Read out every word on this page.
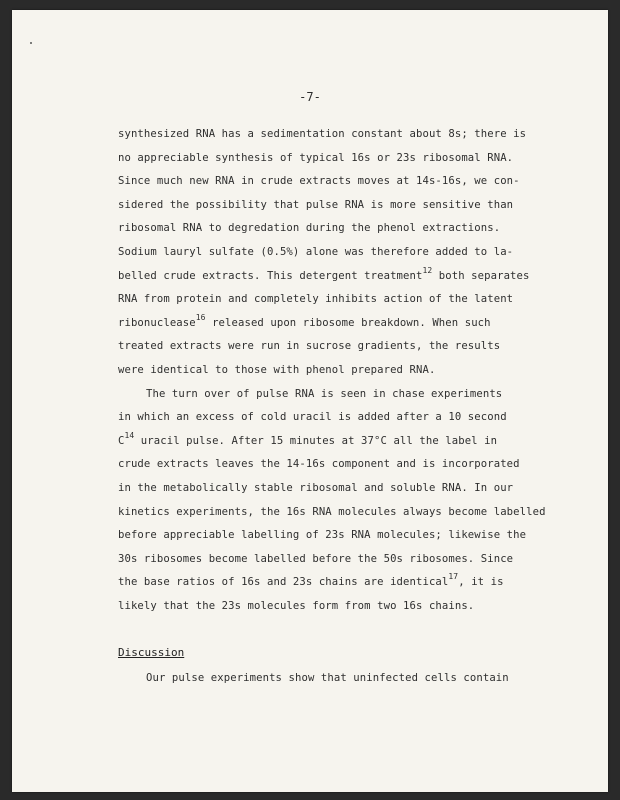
-7-
synthesized RNA has a sedimentation constant about 8s; there is
no appreciable synthesis of typical 16s or 23s ribosomal RNA.
Since much new RNA in crude extracts moves at 14s-16s, we con-
sidered the possibility that pulse RNA is more sensitive than
ribosomal RNA to degredation during the phenol extractions.
Sodium lauryl sulfate (0.5%) alone was therefore added to la-
belled crude extracts. This detergent treatment$^{12}$ both separates
RNA from protein and completely inhibits action of the latent
ribonuclease$^{16}$ released upon ribosome breakdown. When such
treated extracts were run in sucrose gradients, the results
were identical to those with phenol prepared RNA.
The turn over of pulse RNA is seen in chase experiments
in which an excess of cold uracil is added after a 10 second
$C^{14}$ uracil pulse. After 15 minutes at 37°C all the label in
crude extracts leaves the 14-16s component and is incorporated
in the metabolically stable ribosomal and soluble RNA. In our
kinetics experiments, the 16s RNA molecules always become labelled
before appreciable labelling of 23s RNA molecules; likewise the
30s ribosomes become labelled before the 50s ribosomes. Since
the base ratios of 16s and 23s chains are identical$^{17}$, it is
likely that the 23s molecules form from two 16s chains.
Discussion
Our pulse experiments show that uninfected cells contain
